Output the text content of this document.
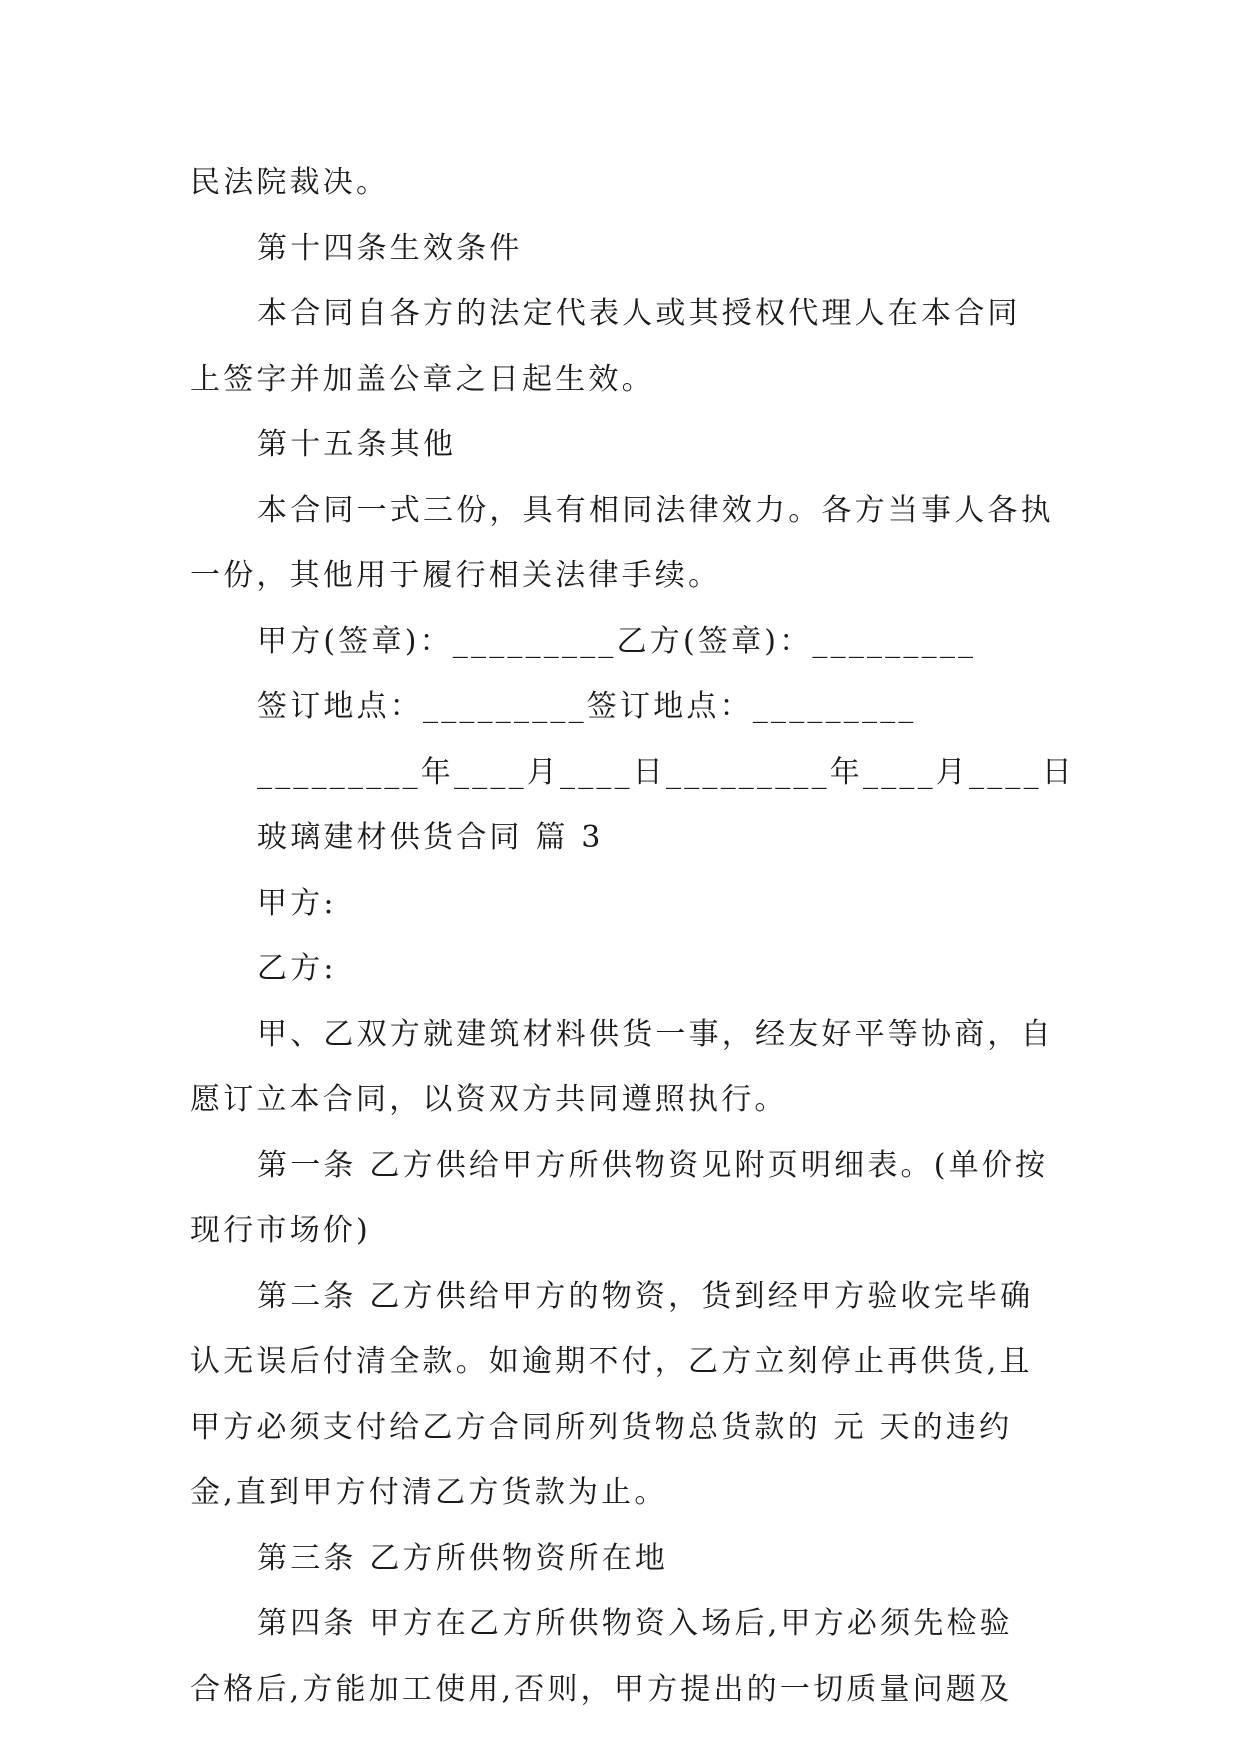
民法院裁决。
第十四条生效条件
本合同自各方的法定代表人或其授权代理人在本合同
上签字并加盖公章之日起生效。
第十五条其他
本合同一式三份，具有相同法律效力。各方当事人各执
一份，其他用于履行相关法律手续。
甲方(签章)：_________乙方(签章)：_________
签订地点：_________签订地点：_________
_________年____月____日_________年____月____日
玻璃建材供货合同 篇 3
甲方:
乙方:
甲、乙双方就建筑材料供货一事，经友好平等协商，自
愿订立本合同，以资双方共同遵照执行。
第一条 乙方供给甲方所供物资见附页明细表。(单价按
现行市场价)
第二条 乙方供给甲方的物资，货到经甲方验收完毕确
认无误后付清全款。如逾期不付，乙方立刻停止再供货,且
甲方必须支付给乙方合同所列货物总货款的 元 天的违约
金,直到甲方付清乙方货款为止。
第三条 乙方所供物资所在地
第四条 甲方在乙方所供物资入场后,甲方必须先检验
合格后,方能加工使用,否则，甲方提出的一切质量问题及
